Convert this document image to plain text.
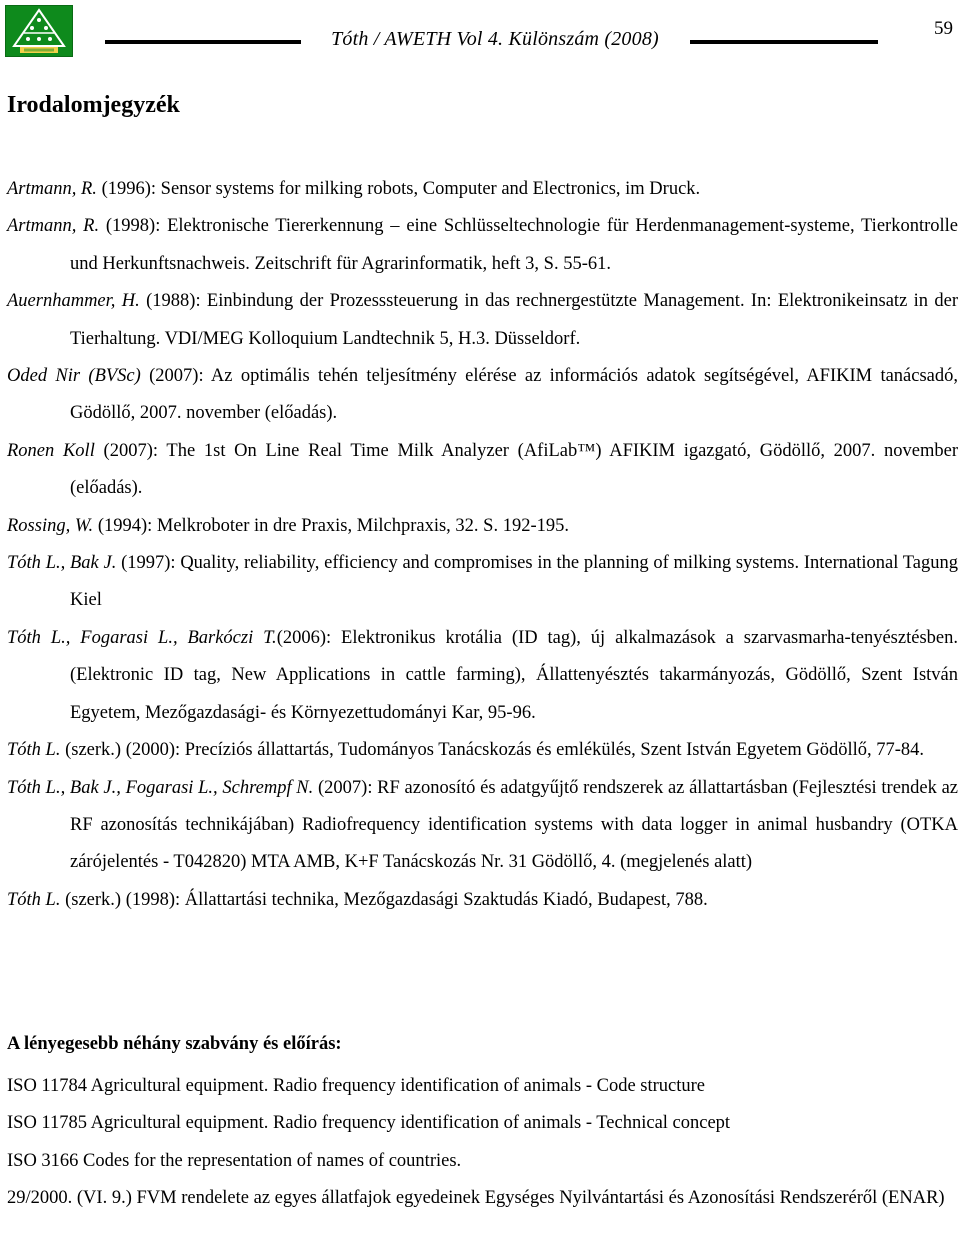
Tóth / AWETH Vol 4. Különszám (2008)	59
Irodalomjegyzék

Artmann, R. (1996): Sensor systems for milking robots, Computer and Electronics, im Druck.

Artmann, R. (1998): Elektronische Tiererkennung – eine Schlüsseltechnologie für Herdenmanagement-systeme, Tierkontrolle und Herkunftsnachweis. Zeitschrift für Agrarinformatik, heft 3, S. 55-61.

Auernhammer, H. (1988): Einbindung der Prozesssteuerung in das rechnergestützte Management. In: Elektronikeinsatz in der Tierhaltung. VDI/MEG Kolloquium Landtechnik 5, H.3. Düsseldorf.

Oded Nir (BVSc) (2007): Az optimális tehén teljesítmény elérése az információs adatok segítségével, AFIKIM tanácsadó, Gödöllő, 2007. november (előadás).

Ronen Koll (2007): The 1st On Line Real Time Milk Analyzer (AfiLab™) AFIKIM igazgató, Gödöllő, 2007. november (előadás).

Rossing, W. (1994): Melkroboter in dre Praxis, Milchpraxis, 32. S. 192-195.

Tóth L., Bak J. (1997): Quality, reliability, efficiency and compromises in the planning of milking systems. International Tagung Kiel

Tóth L., Fogarasi L., Barkóczi T.(2006): Elektronikus krotália (ID tag), új alkalmazások a szarvasmarha-tenyésztésben. (Elektronic ID tag, New Applications in cattle farming), Állattenyésztés takarmányozás, Gödöllő, Szent István Egyetem, Mezőgazdasági- és Környezettudományi Kar, 95-96.

Tóth L. (szerk.) (2000): Precíziós állattartás, Tudományos Tanácskozás és emlékülés, Szent István Egyetem Gödöllő, 77-84.

Tóth L., Bak J., Fogarasi L., Schrempf N. (2007): RF azonosító és adatgyűjtő rendszerek az állattartásban (Fejlesztési trendek az RF azonosítás technikájában) Radiofrequency identification systems with data logger in animal husbandry (OTKA zárójelentés - T042820) MTA AMB, K+F Tanácskozás Nr. 31 Gödöllő, 4. (megjelenés alatt)

Tóth L. (szerk.) (1998): Állattartási technika, Mezőgazdasági Szaktudás Kiadó, Budapest, 788.

A lényegesebb néhány szabvány és előírás:

ISO 11784 Agricultural equipment. Radio frequency identification of animals - Code structure

ISO 11785 Agricultural equipment. Radio frequency identification of animals - Technical concept

ISO 3166 Codes for the representation of names of countries.

29/2000. (VI. 9.) FVM rendelete az egyes állatfajok egyedeinek Egységes Nyilvántartási és Azonosítási Rendszeréről (ENAR)
